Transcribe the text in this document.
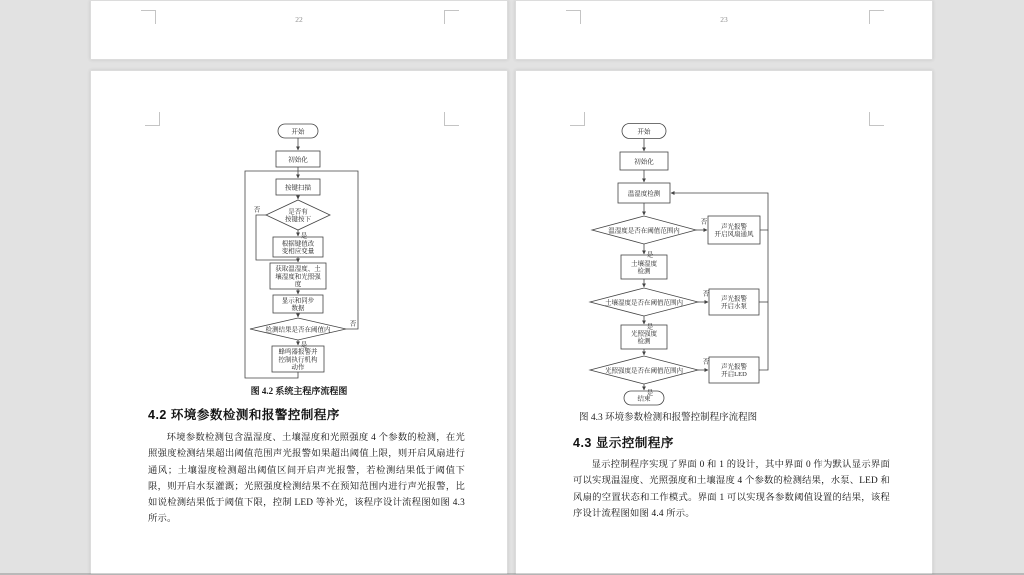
22	23
开始
初始化
按键扫描
是否有
按键按下
根据键值改
变相应变量
获取温湿度、土
壤湿度和光照强
度
显示和同步
数据
检测结果是否在阈值内
蜂鸣器报警并
控制执行机构
动作
否
是
否
是
图 4.2 系统主程序流程图
4.2 环境参数检测和报警控制程序
环境参数检测包含温湿度、土壤湿度和光照强度 4 个参数的检测，在光照强度检测结果超出阈值范围声光报警如果超出阈值上限，则开启风扇进行通风；土壤湿度检测超出阈值区间开启声光报警，若检测结果低于阈值下限，则开启水泵灌溉；光照强度检测结果不在预知范围内进行声光报警，比如说检测结果低于阈值下限，控制 LED 等补光，该程序设计流程图如图 4.3 所示。
开始
初始化
温湿度检测
温湿度是否在阈值范围内
声光报警
开启风扇通风
土壤湿度
检测
土壤湿度是否在阈值范围内
声光报警
开启水泵
光照强度
检测
光照强度是否在阈值范围内
声光报警
开启LED
结束
否
是
否
是
否
是
图 4.3 环境参数检测和报警控制程序流程图
4.3 显示控制程序
显示控制程序实现了界面 0 和 1 的设计，其中界面 0 作为默认显示界面可以实现温湿度、光照强度和土壤湿度 4 个参数的检测结果，水泵、LED 和风扇的空置状态和工作模式。界面 1 可以实现各参数阈值设置的结果，该程序设计流程图如图 4.4 所示。
